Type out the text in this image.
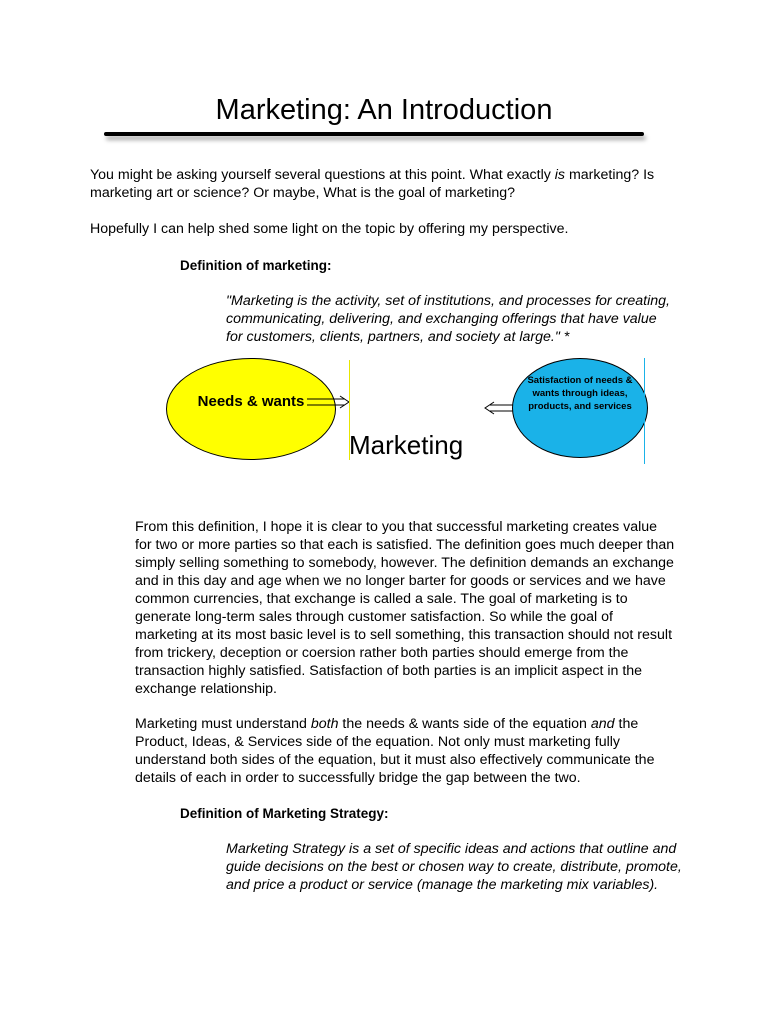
Marketing: An Introduction

You might be asking yourself several questions at this point. What exactly is marketing? Is marketing art or science? Or maybe, What is the goal of marketing?

Hopefully I can help shed some light on the topic by offering my perspective.

Definition of marketing:

"Marketing is the activity, set of institutions, and processes for creating, communicating, delivering, and exchanging offerings that have value for customers, clients, partners, and society at large." *

Needs & wants
Marketing
Satisfaction of needs & wants through ideas, products, and services

From this definition, I hope it is clear to you that successful marketing creates value for two or more parties so that each is satisfied. The definition goes much deeper than simply selling something to somebody, however. The definition demands an exchange and in this day and age when we no longer barter for goods or services and we have common currencies, that exchange is called a sale. The goal of marketing is to generate long-term sales through customer satisfaction. So while the goal of marketing at its most basic level is to sell something, this transaction should not result from trickery, deception or coersion rather both parties should emerge from the transaction highly satisfied. Satisfaction of both parties is an implicit aspect in the exchange relationship.

Marketing must understand both the needs & wants side of the equation and the Product, Ideas, & Services side of the equation. Not only must marketing fully understand both sides of the equation, but it must also effectively communicate the details of each in order to successfully bridge the gap between the two.

Definition of Marketing Strategy:

Marketing Strategy is a set of specific ideas and actions that outline and guide decisions on the best or chosen way to create, distribute, promote, and price a product or service (manage the marketing mix variables).
